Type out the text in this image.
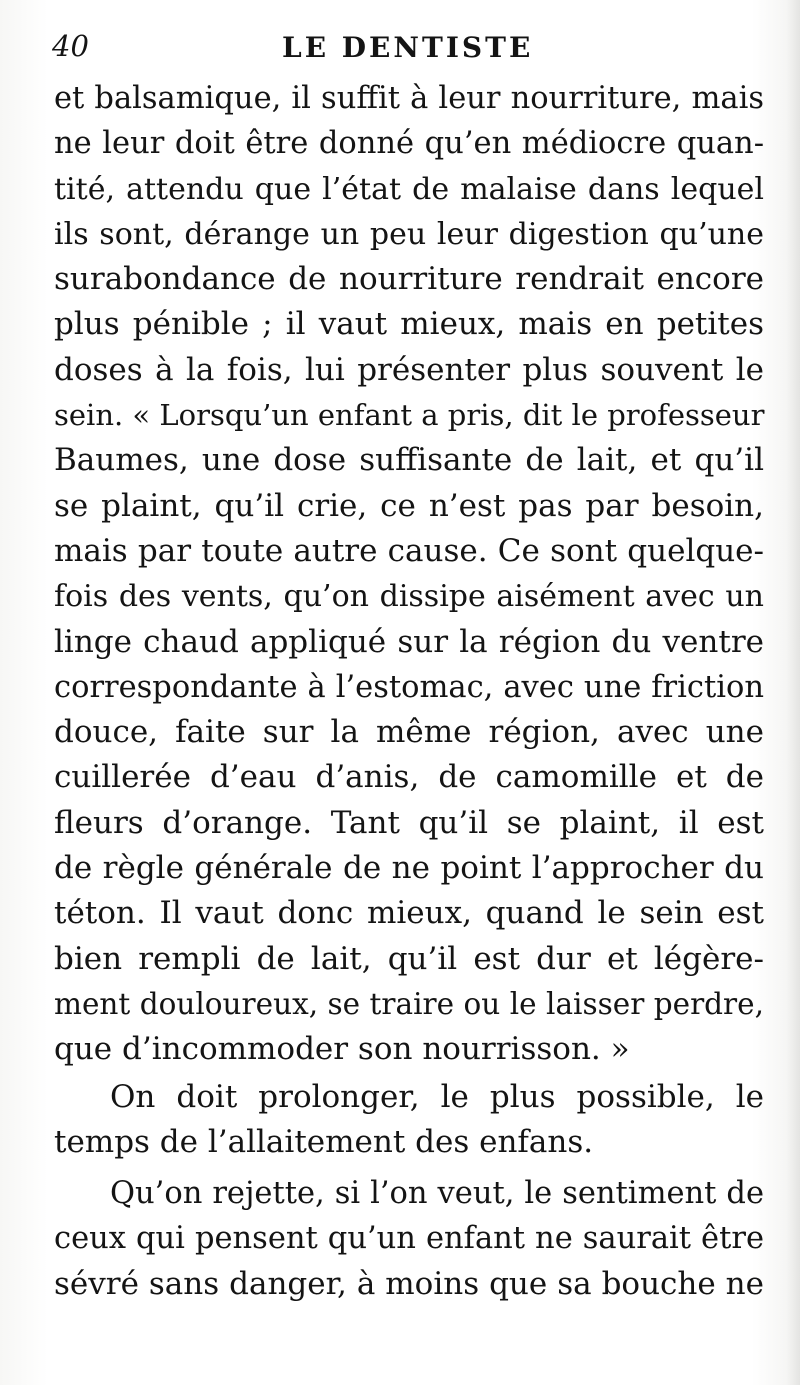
40	LE DENTISTE
et balsamique, il suffit à leur nourriture, mais
ne leur doit être donné qu’en médiocre quan-
tité, attendu que l’état de malaise dans lequel
ils sont, dérange un peu leur digestion qu’une
surabondance de nourriture rendrait encore
plus pénible ; il vaut mieux, mais en petites
doses à la fois, lui présenter plus souvent le
sein. « Lorsqu’un enfant a pris, dit le professeur
Baumes, une dose suffisante de lait, et qu’il
se plaint, qu’il crie, ce n’est pas par besoin,
mais par toute autre cause. Ce sont quelque-
fois des vents, qu’on dissipe aisément avec un
linge chaud appliqué sur la région du ventre
correspondante à l’estomac, avec une friction
douce, faite sur la même région, avec une
cuillerée d’eau d’anis, de camomille et de
fleurs d’orange. Tant qu’il se plaint, il est
de règle générale de ne point l’approcher du
téton. Il vaut donc mieux, quand le sein est
bien rempli de lait, qu’il est dur et légère-
ment douloureux, se traire ou le laisser perdre,
que d’incommoder son nourrisson. »
On doit prolonger, le plus possible, le
temps de l’allaitement des enfans.
Qu’on rejette, si l’on veut, le sentiment de
ceux qui pensent qu’un enfant ne saurait être
sévré sans danger, à moins que sa bouche ne
